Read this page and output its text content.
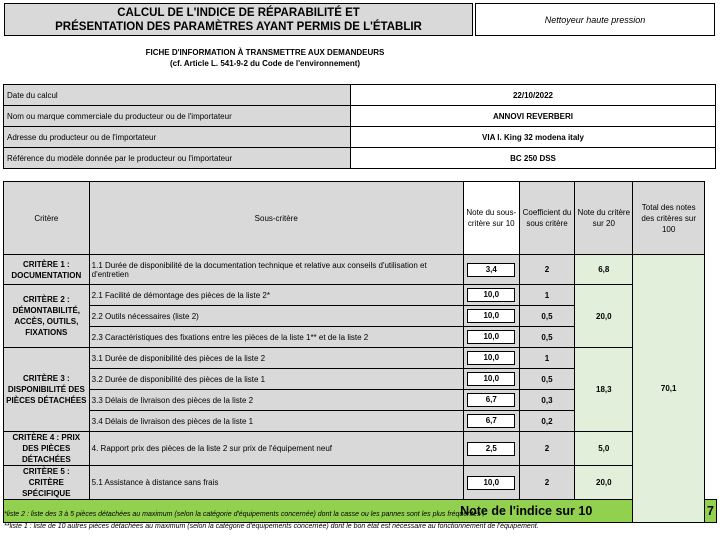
CALCUL DE L'INDICE DE RÉPARABILITÉ ET
PRÉSENTATION DES PARAMÈTRES AYANT PERMIS DE L'ÉTABLIR
Nettoyeur haute pression
FICHE D'INFORMATION À TRANSMETTRE AUX DEMANDEURS
(cf. Article L. 541-9-2 du Code de l'environnement)
Date du calcul	22/10/2022
Nom ou marque commerciale du producteur ou de l'importateur	ANNOVI REVERBERI
Adresse du producteur ou de l'importateur	VIA l. King 32 modena italy
Référence du modèle donnée par le producteur ou l'importateur	BC 250 DSS
Critère	Sous-critère	Note du sous-critère sur 10	Coefficient du sous critère	Note du critère sur 20	Total des notes des critères sur 100	
CRITÈRE 1 : DOCUMENTATION	1.1 Durée de disponibilité de la documentation technique et relative aux conseils d'utilisation et d'entretien	3,4	2	6,8	70,1	
CRITÈRE 2 : DÉMONTABILITÉ, ACCÈS, OUTILS, FIXATIONS	2.1 Facilité de démontage des pièces de la liste 2*	10,0	1	20,0		
	2.2 Outils nécessaires (liste 2)	10,0	0,5			
	2.3 Caractéristiques des fixations entre les pièces de la liste 1** et de la liste 2	10,0	0,5			
CRITÈRE 3 : DISPONIBILITÉ DES PIÈCES DÉTACHÉES	3.1 Durée de disponibilité des pièces de la liste 2	10,0	1	18,3		
	3.2 Durée de disponibilité des pièces de la liste 1	10,0	0,5			
	3.3 Délais de livraison des pièces de la liste 2	6,7	0,3			
	3.4 Délais de livraison des pièces de la liste 1	6,7	0,2			
CRITÈRE 4 : PRIX DES PIÈCES DÉTACHÉES	4. Rapport prix des pièces de la liste 2 sur prix de l'équipement neuf	2,5	2	5,0		
CRITÈRE 5 : CRITÈRE SPÉCIFIQUE	5.1 Assistance à distance sans frais	10,0	2	20,0		
Note de l'indice sur 10						7
*liste 2 : liste des 3 à 5 pièces détachées au maximum (selon la catégorie d'équipements concernée) dont la casse ou les pannes sont les plus fréquentes ;
**liste 1 : liste de 10 autres pièces détachées au maximum (selon la catégorie d'équipements concernée) dont le bon état est nécessaire au fonctionnement de l'équipement.
